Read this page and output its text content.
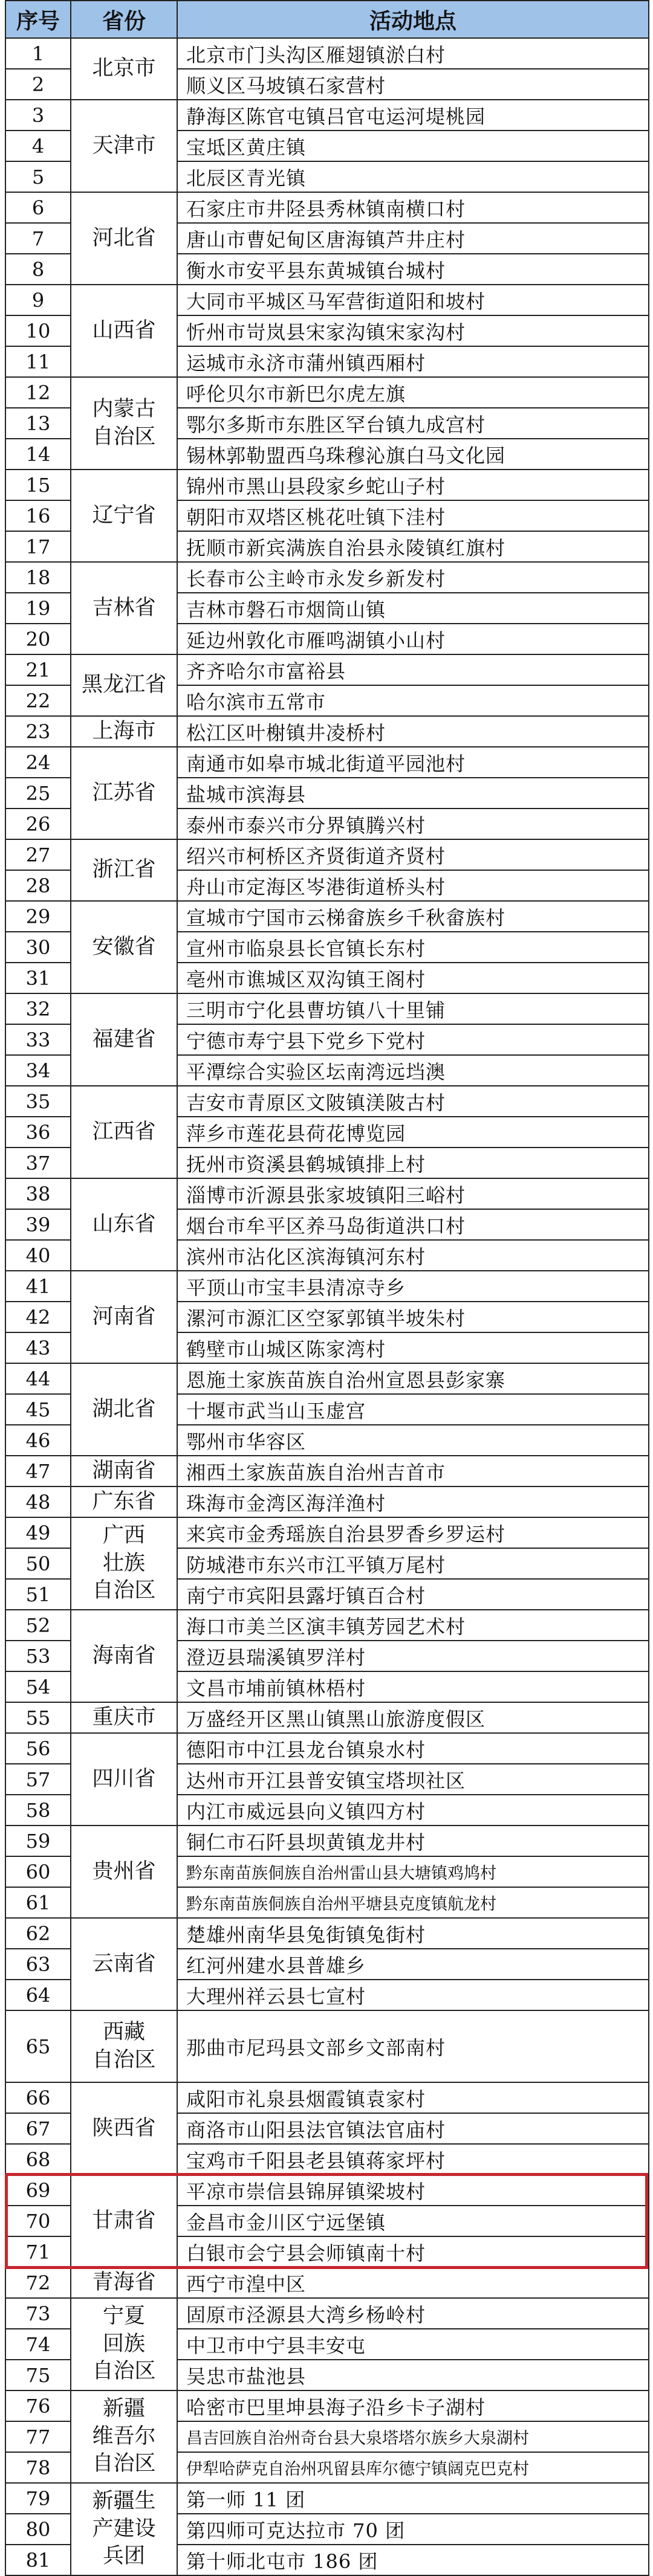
序号	省份	活动地点
1	北京市	北京市门头沟区雁翅镇淤白村
2		顺义区马坡镇石家营村
3	天津市	静海区陈官屯镇吕官屯运河堤桃园
4		宝坻区黄庄镇
5		北辰区青光镇
6	河北省	石家庄市井陉县秀林镇南横口村
7		唐山市曹妃甸区唐海镇芦井庄村
8		衡水市安平县东黄城镇台城村
9	山西省	大同市平城区马军营街道阳和坡村
10		忻州市岢岚县宋家沟镇宋家沟村
11		运城市永济市蒲州镇西厢村
12	内蒙古
自治区	呼伦贝尔市新巴尔虎左旗
13		鄂尔多斯市东胜区罕台镇九成宫村
14		锡林郭勒盟西乌珠穆沁旗白马文化园
15	辽宁省	锦州市黑山县段家乡蛇山子村
16		朝阳市双塔区桃花吐镇下洼村
17		抚顺市新宾满族自治县永陵镇红旗村
18	吉林省	长春市公主岭市永发乡新发村
19		吉林市磐石市烟筒山镇
20		延边州敦化市雁鸣湖镇小山村
21	黑龙江省	齐齐哈尔市富裕县
22		哈尔滨市五常市
23	上海市	松江区叶榭镇井凌桥村
24	江苏省	南通市如皋市城北街道平园池村
25		盐城市滨海县
26		泰州市泰兴市分界镇腾兴村
27	浙江省	绍兴市柯桥区齐贤街道齐贤村
28		舟山市定海区岑港街道桥头村
29	安徽省	宣城市宁国市云梯畲族乡千秋畲族村
30		宣州市临泉县长官镇长东村
31		亳州市谯城区双沟镇王阁村
32	福建省	三明市宁化县曹坊镇八十里铺
33		宁德市寿宁县下党乡下党村
34		平潭综合实验区坛南湾远垱澳
35	江西省	吉安市青原区文陂镇渼陂古村
36		萍乡市莲花县荷花博览园
37		抚州市资溪县鹤城镇排上村
38	山东省	淄博市沂源县张家坡镇阳三峪村
39		烟台市牟平区养马岛街道洪口村
40		滨州市沾化区滨海镇河东村
41	河南省	平顶山市宝丰县清凉寺乡
42		漯河市源汇区空冢郭镇半坡朱村
43		鹤壁市山城区陈家湾村
44	湖北省	恩施土家族苗族自治州宣恩县彭家寨
45		十堰市武当山玉虚宫
46		鄂州市华容区
47	湖南省	湘西土家族苗族自治州吉首市
48	广东省	珠海市金湾区海洋渔村
49	广西
壮族
自治区	来宾市金秀瑶族自治县罗香乡罗运村
50		防城港市东兴市江平镇万尾村
51		南宁市宾阳县露圩镇百合村
52	海南省	海口市美兰区演丰镇芳园艺术村
53		澄迈县瑞溪镇罗洋村
54		文昌市埔前镇林梧村
55	重庆市	万盛经开区黑山镇黑山旅游度假区
56	四川省	德阳市中江县龙台镇泉水村
57		达州市开江县普安镇宝塔坝社区
58		内江市威远县向义镇四方村
59	贵州省	铜仁市石阡县坝黄镇龙井村
60		黔东南苗族侗族自治州雷山县大塘镇鸡鸠村
61		黔东南苗族侗族自治州平塘县克度镇航龙村
62	云南省	楚雄州南华县兔街镇兔街村
63		红河州建水县普雄乡
64		大理州祥云县七宣村
65	西藏
自治区	那曲市尼玛县文部乡文部南村
66	陕西省	咸阳市礼泉县烟霞镇袁家村
67		商洛市山阳县法官镇法官庙村
68		宝鸡市千阳县老县镇蒋家坪村
69	甘肃省	平凉市崇信县锦屏镇梁坡村
70		金昌市金川区宁远堡镇
71		白银市会宁县会师镇南十村
72	青海省	西宁市湟中区
73	宁夏
回族
自治区	固原市泾源县大湾乡杨岭村
74		中卫市中宁县丰安屯
75		吴忠市盐池县
76	新疆
维吾尔
自治区	哈密市巴里坤县海子沿乡卡子湖村
77		昌吉回族自治州奇台县大泉塔塔尔族乡大泉湖村
78		伊犁哈萨克自治州巩留县库尔德宁镇阔克巴克村
79	新疆生
产建设
兵团	第一师 11 团
80		第四师可克达拉市 70 团
81		第十师北屯市 186 团
